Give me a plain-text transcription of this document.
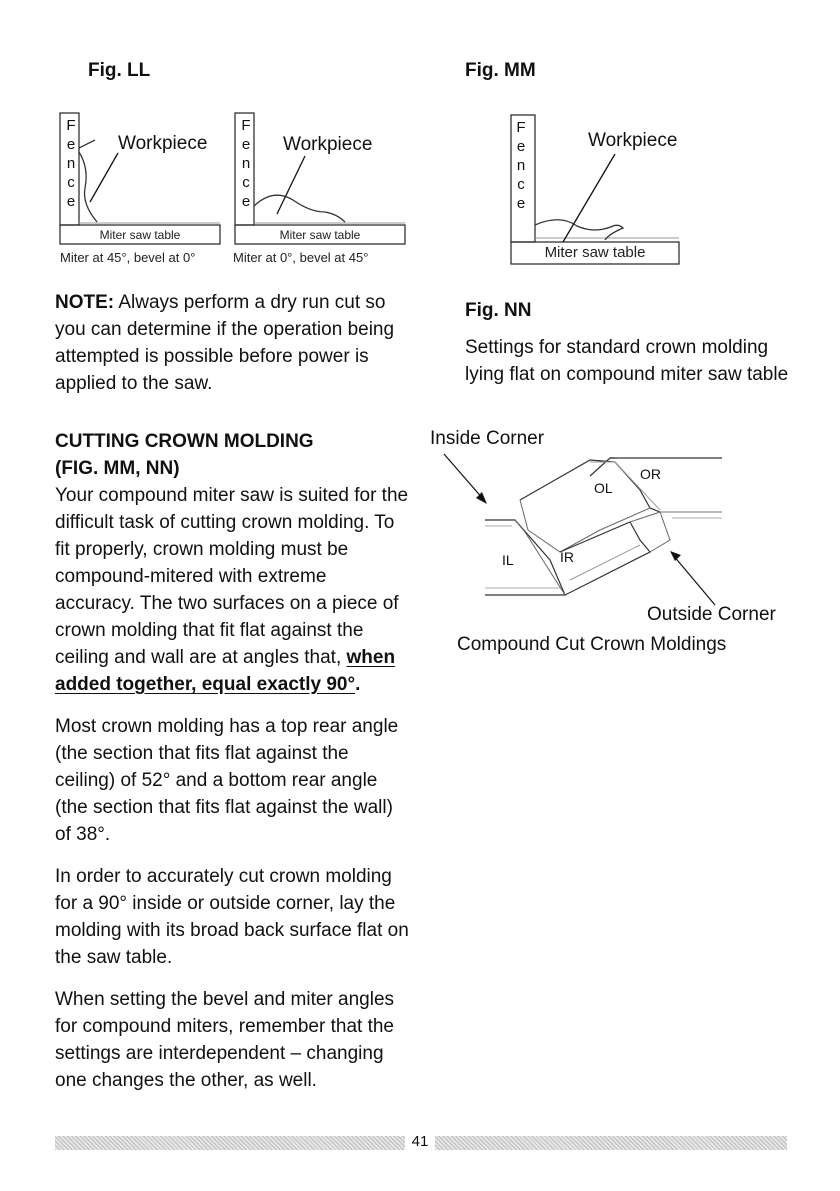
Fig. LL
F
e
n
c
e
F
e
n
c
e
Workpiece	Workpiece
Miter saw table	Miter saw table
Miter at 45°, bevel at 0°	Miter at 0°, bevel at 45°
Fig. MM
F
e
n
c
e
Workpiece
Miter saw table
NOTE: Always perform a dry run cut so you can determine if the operation being attempted is possible before power is applied to the saw.
Fig. NN
Settings for standard crown molding lying flat on compound miter saw table
Inside Corner
OL
OR
IL	IR
Outside Corner
Compound Cut Crown Moldings
CUTTING CROWN MOLDING
(FIG. MM, NN)

Your compound miter saw is suited for the difficult task of cutting crown molding. To fit properly, crown molding must be compound-mitered with extreme accuracy. The two surfaces on a piece of crown molding that fit flat against the ceiling and wall are at angles that, when added together, equal exactly 90°.

Most crown molding has a top rear angle (the section that fits flat against the ceiling) of 52° and a bottom rear angle (the section that fits flat against the wall) of 38°.

In order to accurately cut crown molding for a 90° inside or outside corner, lay the molding with its broad back surface flat on the saw table.

When setting the bevel and miter angles for compound miters, remember that the settings are interdependent – changing one changes the other, as well.

41
